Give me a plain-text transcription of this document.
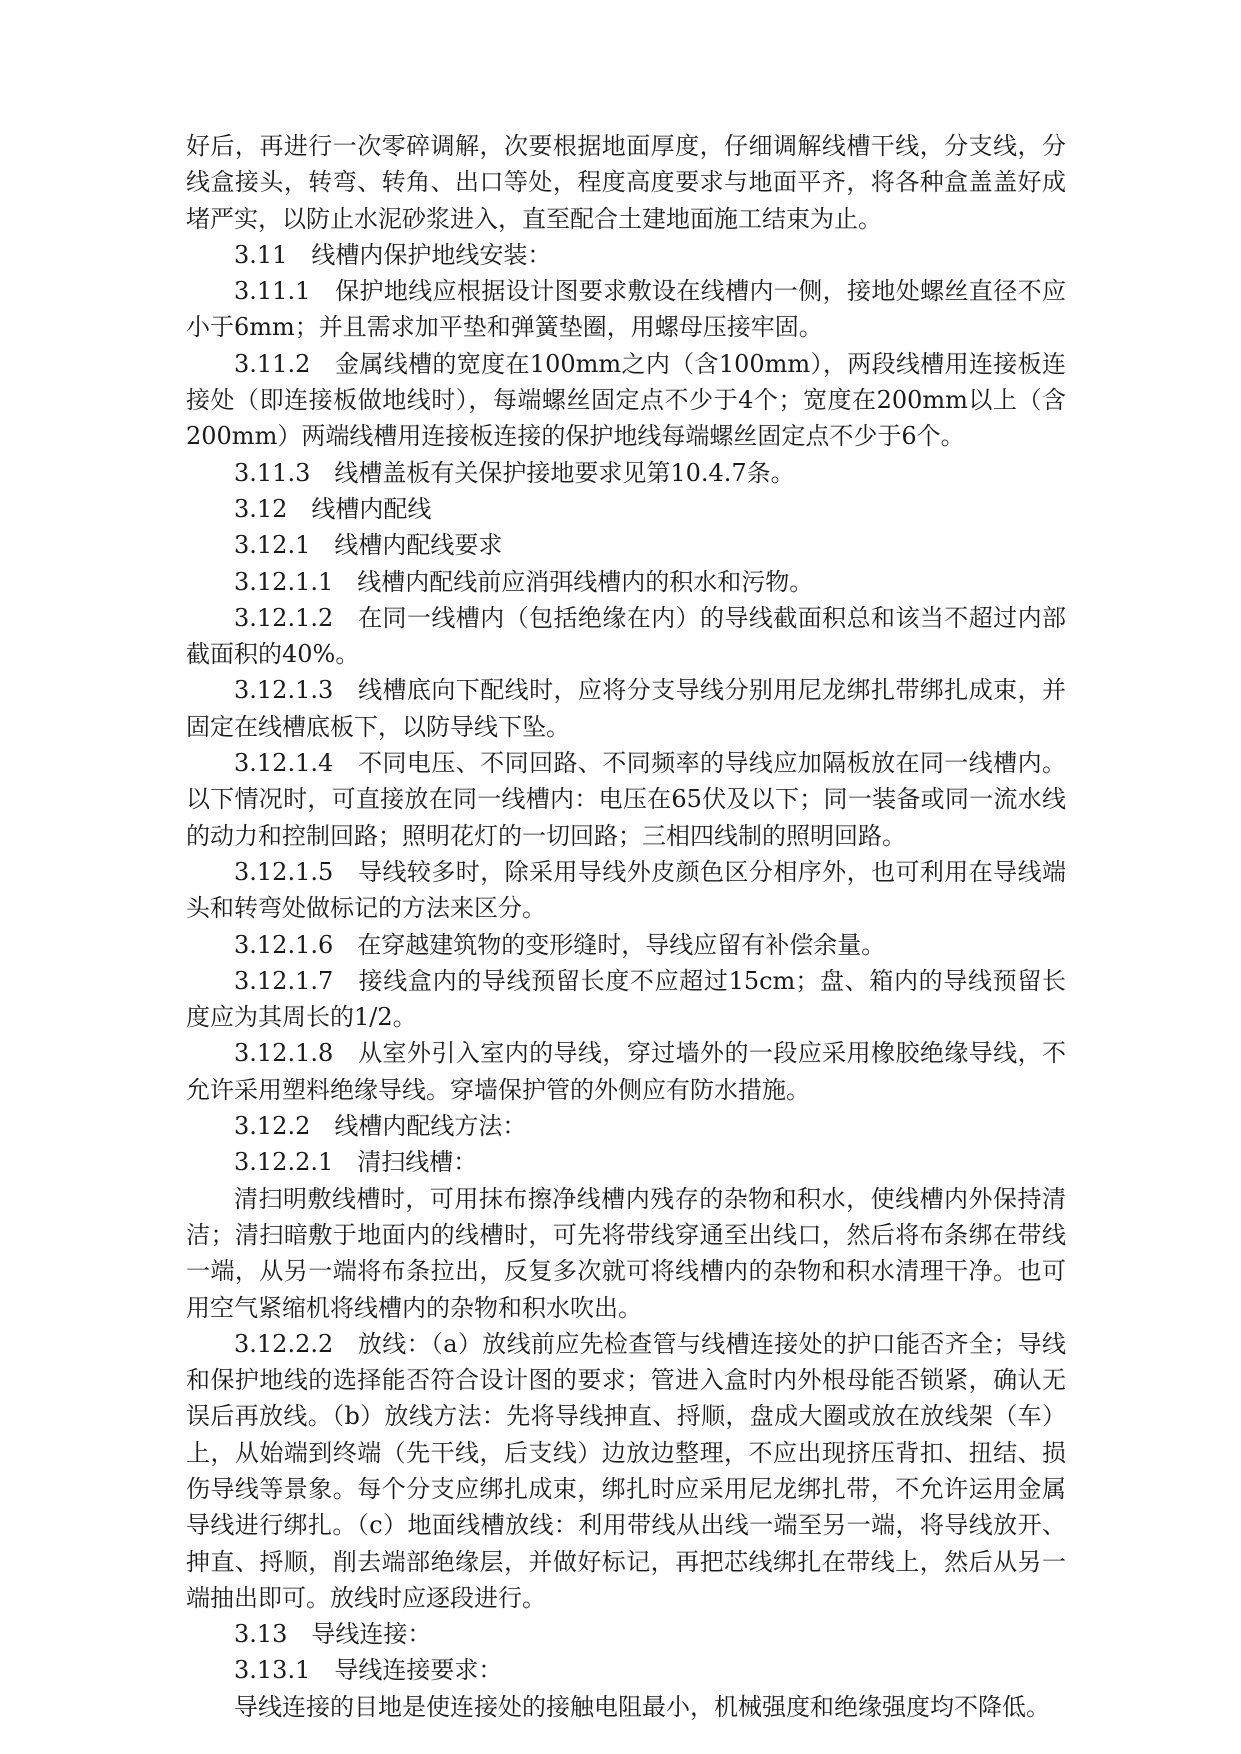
好后，再进行一次零碎调解，次要根据地面厚度，仔细调解线槽干线，分支线，分线盒接头，转弯、转角、出口等处，程度高度要求与地面平齐，将各种盒盖盖好成堵严实，以防止水泥砂浆进入，直至配合土建地面施工结束为止。

3.11　线槽内保护地线安装：

3.11.1　保护地线应根据设计图要求敷设在线槽内一侧，接地处螺丝直径不应小于6mm；并且需求加平垫和弹簧垫圈，用螺母压接牢固。

3.11.2　金属线槽的宽度在100mm之内（含100mm），两段线槽用连接板连接处（即连接板做地线时），每端螺丝固定点不少于4个；宽度在200mm以上（含200mm）两端线槽用连接板连接的保护地线每端螺丝固定点不少于6个。

3.11.3　线槽盖板有关保护接地要求见第10.4.7条。

3.12　线槽内配线

3.12.1　线槽内配线要求

3.12.1.1　线槽内配线前应消弭线槽内的积水和污物。

3.12.1.2　在同一线槽内（包括绝缘在内）的导线截面积总和该当不超过内部截面积的40%。

3.12.1.3　线槽底向下配线时，应将分支导线分别用尼龙绑扎带绑扎成束，并固定在线槽底板下，以防导线下坠。

3.12.1.4　不同电压、不同回路、不同频率的导线应加隔板放在同一线槽内。以下情况时，可直接放在同一线槽内：电压在65伏及以下；同一装备或同一流水线的动力和控制回路；照明花灯的一切回路；三相四线制的照明回路。

3.12.1.5　导线较多时，除采用导线外皮颜色区分相序外，也可利用在导线端头和转弯处做标记的方法来区分。

3.12.1.6　在穿越建筑物的变形缝时，导线应留有补偿余量。

3.12.1.7　接线盒内的导线预留长度不应超过15cm；盘、箱内的导线预留长度应为其周长的1/2。

3.12.1.8　从室外引入室内的导线，穿过墙外的一段应采用橡胶绝缘导线，不允许采用塑料绝缘导线。穿墙保护管的外侧应有防水措施。

3.12.2　线槽内配线方法：

3.12.2.1　清扫线槽：

清扫明敷线槽时，可用抹布擦净线槽内残存的杂物和积水，使线槽内外保持清洁；清扫暗敷于地面内的线槽时，可先将带线穿通至出线口，然后将布条绑在带线一端，从另一端将布条拉出，反复多次就可将线槽内的杂物和积水清理干净。也可用空气紧缩机将线槽内的杂物和积水吹出。

3.12.2.2　放线：（a）放线前应先检查管与线槽连接处的护口能否齐全；导线和保护地线的选择能否符合设计图的要求；管进入盒时内外根母能否锁紧，确认无误后再放线。（b）放线方法：先将导线抻直、捋顺，盘成大圈或放在放线架（车）上，从始端到终端（先干线，后支线）边放边整理，不应出现挤压背扣、扭结、损伤导线等景象。每个分支应绑扎成束，绑扎时应采用尼龙绑扎带，不允许运用金属导线进行绑扎。（c）地面线槽放线：利用带线从出线一端至另一端，将导线放开、抻直、捋顺，削去端部绝缘层，并做好标记，再把芯线绑扎在带线上，然后从另一端抽出即可。放线时应逐段进行。

3.13　导线连接：

3.13.1　导线连接要求：

导线连接的目地是使连接处的接触电阻最小，机械强度和绝缘强度均不降低。
